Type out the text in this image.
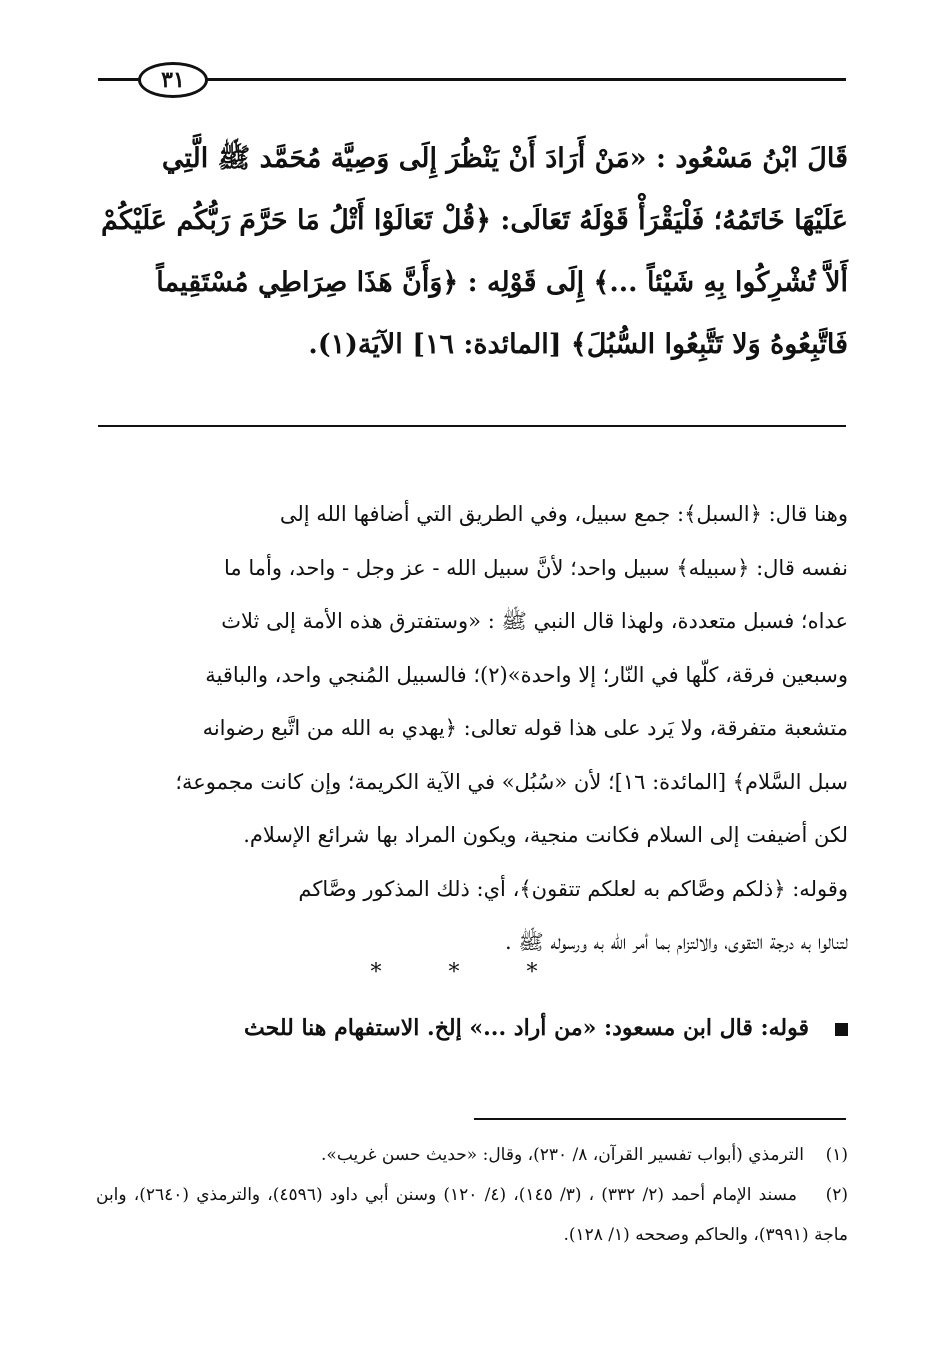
٣١
قَالَ ابْنُ مَسْعُود : «مَنْ أَرَادَ أَنْ يَنْظُرَ إِلَى وَصِيَّة مُحَمَّد ﷺ الَّتِي
عَلَيْهَا خَاتَمُهُ؛ فَلْيَقْرَأْ قَوْلَهُ تَعَالَى: ﴿قُلْ تَعَالَوْا أَتْلُ مَا حَرَّمَ رَبُّكُم عَلَيْكُمْ
أَلاَّ تُشْرِكُوا بِهِ شَيْئاً ...﴾ إِلَى قَوْلِه : ﴿وَأَنَّ هَذَا صِرَاطِي مُسْتَقِيماً
فَاتَّبِعُوهُ وَلا تَتَّبِعُوا السُّبُلَ﴾ [المائدة: ١٦] الآيَة(١).
وهنا قال: ﴿السبل﴾: جمع سبيل، وفي الطريق التي أضافها الله إلى
نفسه قال: ﴿سبيله﴾ سبيل واحد؛ لأنَّ سبيل الله - عز وجل - واحد، وأما ما
عداه؛ فسبل متعددة، ولهذا قال النبي ﷺ : «وستفترق هذه الأمة إلى ثلاث
وسبعين فرقة، كلّها في النّار؛ إلا واحدة»(٢)؛ فالسبيل المُنجي واحد، والباقية
متشعبة متفرقة، ولا يَرد على هذا قوله تعالى: ﴿يهدي به الله من اتَّبع رضوانه
سبل السَّلام﴾ [المائدة: ١٦]؛ لأن «سُبُل» في الآية الكريمة؛ وإن كانت مجموعة؛
لكن أضيفت إلى السلام فكانت منجية، ويكون المراد بها شرائع الإسلام.
وقوله: ﴿ذلكم وصَّاكم به لعلكم تتقون﴾، أي: ذلك المذكور وصَّاكم
لتنالوا به درجة التقوى، والالتزام بما أمر الله به ورسوله ﷺ .
* * *
قوله: قال ابن مسعود: «من أراد ...» إلخ. الاستفهام هنا للحث
(١)    الترمذي (أبواب تفسير القرآن، ٨/ ٢٣٠)، وقال: «حديث حسن غريب».
(٢)    مسند الإمام أحمد (٢/ ٣٣٢) ، (٣/ ١٤٥)، (٤/ ١٢٠) وسنن أبي داود (٤٥٩٦)، والترمذي (٢٦٤٠)، وابن ماجة (٣٩٩١)، والحاكم وصححه (١/ ١٢٨).
